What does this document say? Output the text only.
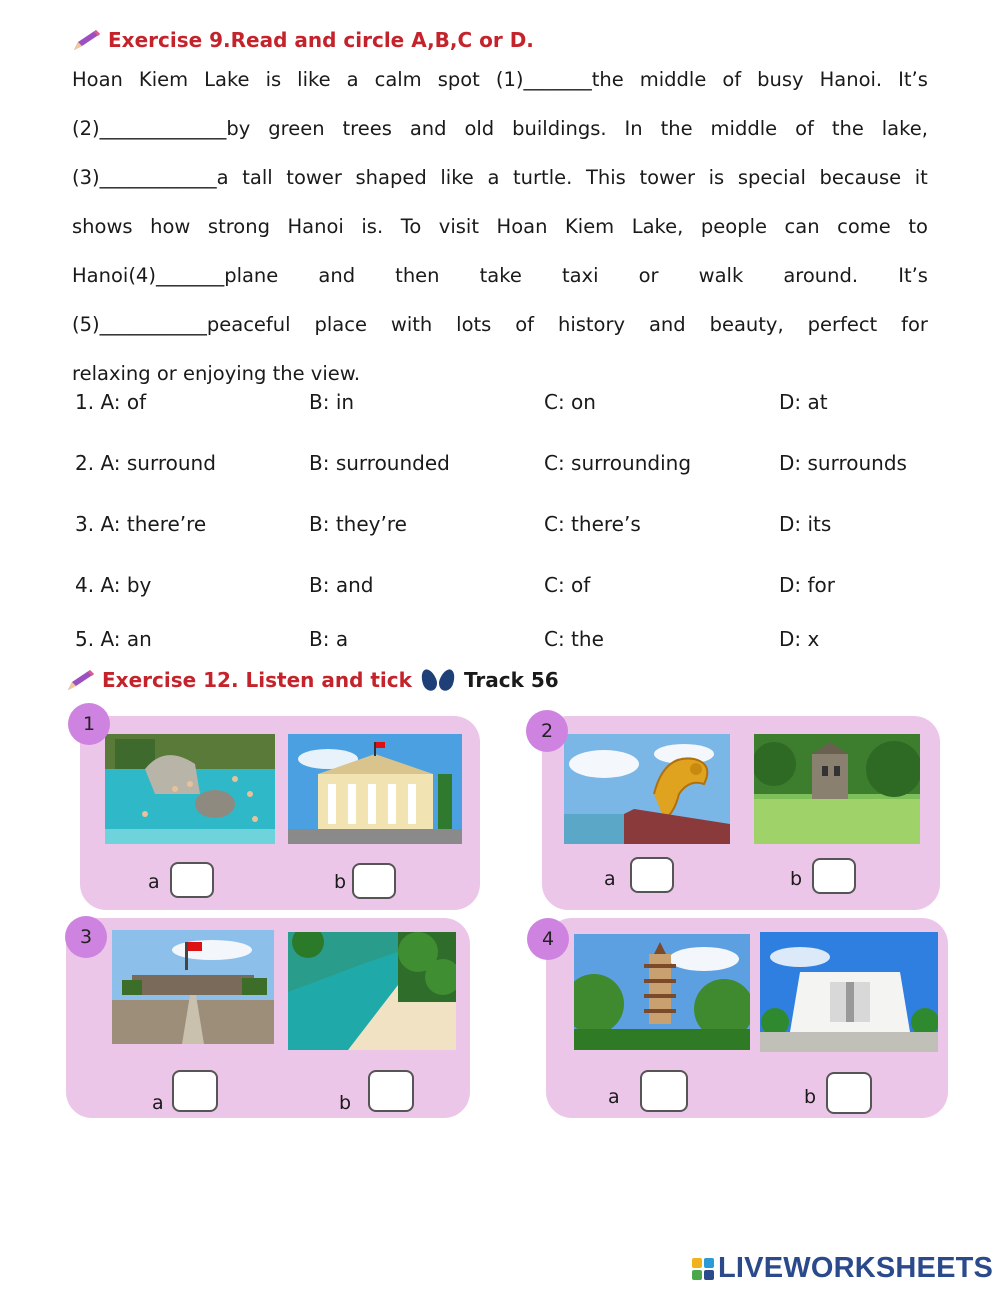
Exercise 9.Read and circle A,B,C or D.

Hoan Kiem Lake is like a calm spot (1)_______the middle of busy Hanoi. It’s

(2)_____________by green trees and old buildings. In the middle of the lake,

(3)____________a tall tower shaped like a turtle. This tower is special because it

shows how strong Hanoi is. To visit Hoan Kiem Lake, people can come to

Hanoi(4)_______plane and then take taxi or walk around. It’s

(5)___________peaceful place with lots of history and beauty, perfect for

relaxing or enjoying the view.

1. A: of	B: in	C: on	D: at
2. A: surround	B: surrounded	C: surrounding	D: surrounds
3. A: there’re	B: they’re	C: there’s	D: its
4. A: by	B: and	C: of	D: for
5. A: an	B: a	C: the	D: x
Exercise 12. Listen and tick	Track 56
a	b
1
a	b
2
a	b
3
a	b
4
LIVEWORKSHEETS
